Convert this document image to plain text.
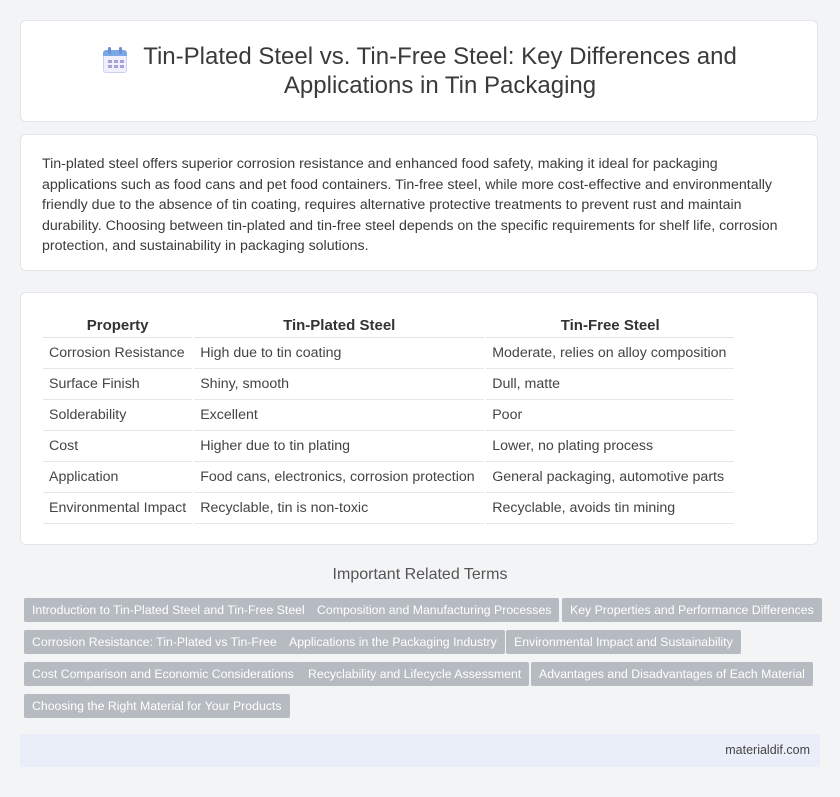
Tin-Plated Steel vs. Tin-Free Steel: Key Differences and
Applications in Tin Packaging

Tin-plated steel offers superior corrosion resistance and enhanced food safety, making it ideal for packaging applications such as food cans and pet food containers. Tin-free steel, while more cost-effective and environmentally friendly due to the absence of tin coating, requires alternative protective treatments to prevent rust and maintain durability. Choosing between tin-plated and tin-free steel depends on the specific requirements for shelf life, corrosion protection, and sustainability in packaging solutions.

Property		Tin-Plated Steel		Tin-Free Steel
Corrosion Resistance		High due to tin coating		Moderate, relies on alloy composition
Surface Finish		Shiny, smooth		Dull, matte
Solderability		Excellent		Poor
Cost		Higher due to tin plating		Lower, no plating process
Application		Food cans, electronics, corrosion protection		General packaging, automotive parts
Environmental Impact		Recyclable, tin is non-toxic		Recyclable, avoids tin mining
Important Related Terms
Introduction to Tin-Plated Steel and Tin-Free Steel Composition and Manufacturing Processes	Key Properties and Performance Differences
Corrosion Resistance: Tin-Plated vs Tin-Free	Applications in the Packaging Industry	Environmental Impact and Sustainability
Cost Comparison and Economic Considerations	Recyclability and Lifecycle Assessment	Advantages and Disadvantages of Each Material
Choosing the Right Material for Your Products
materialdif.com
